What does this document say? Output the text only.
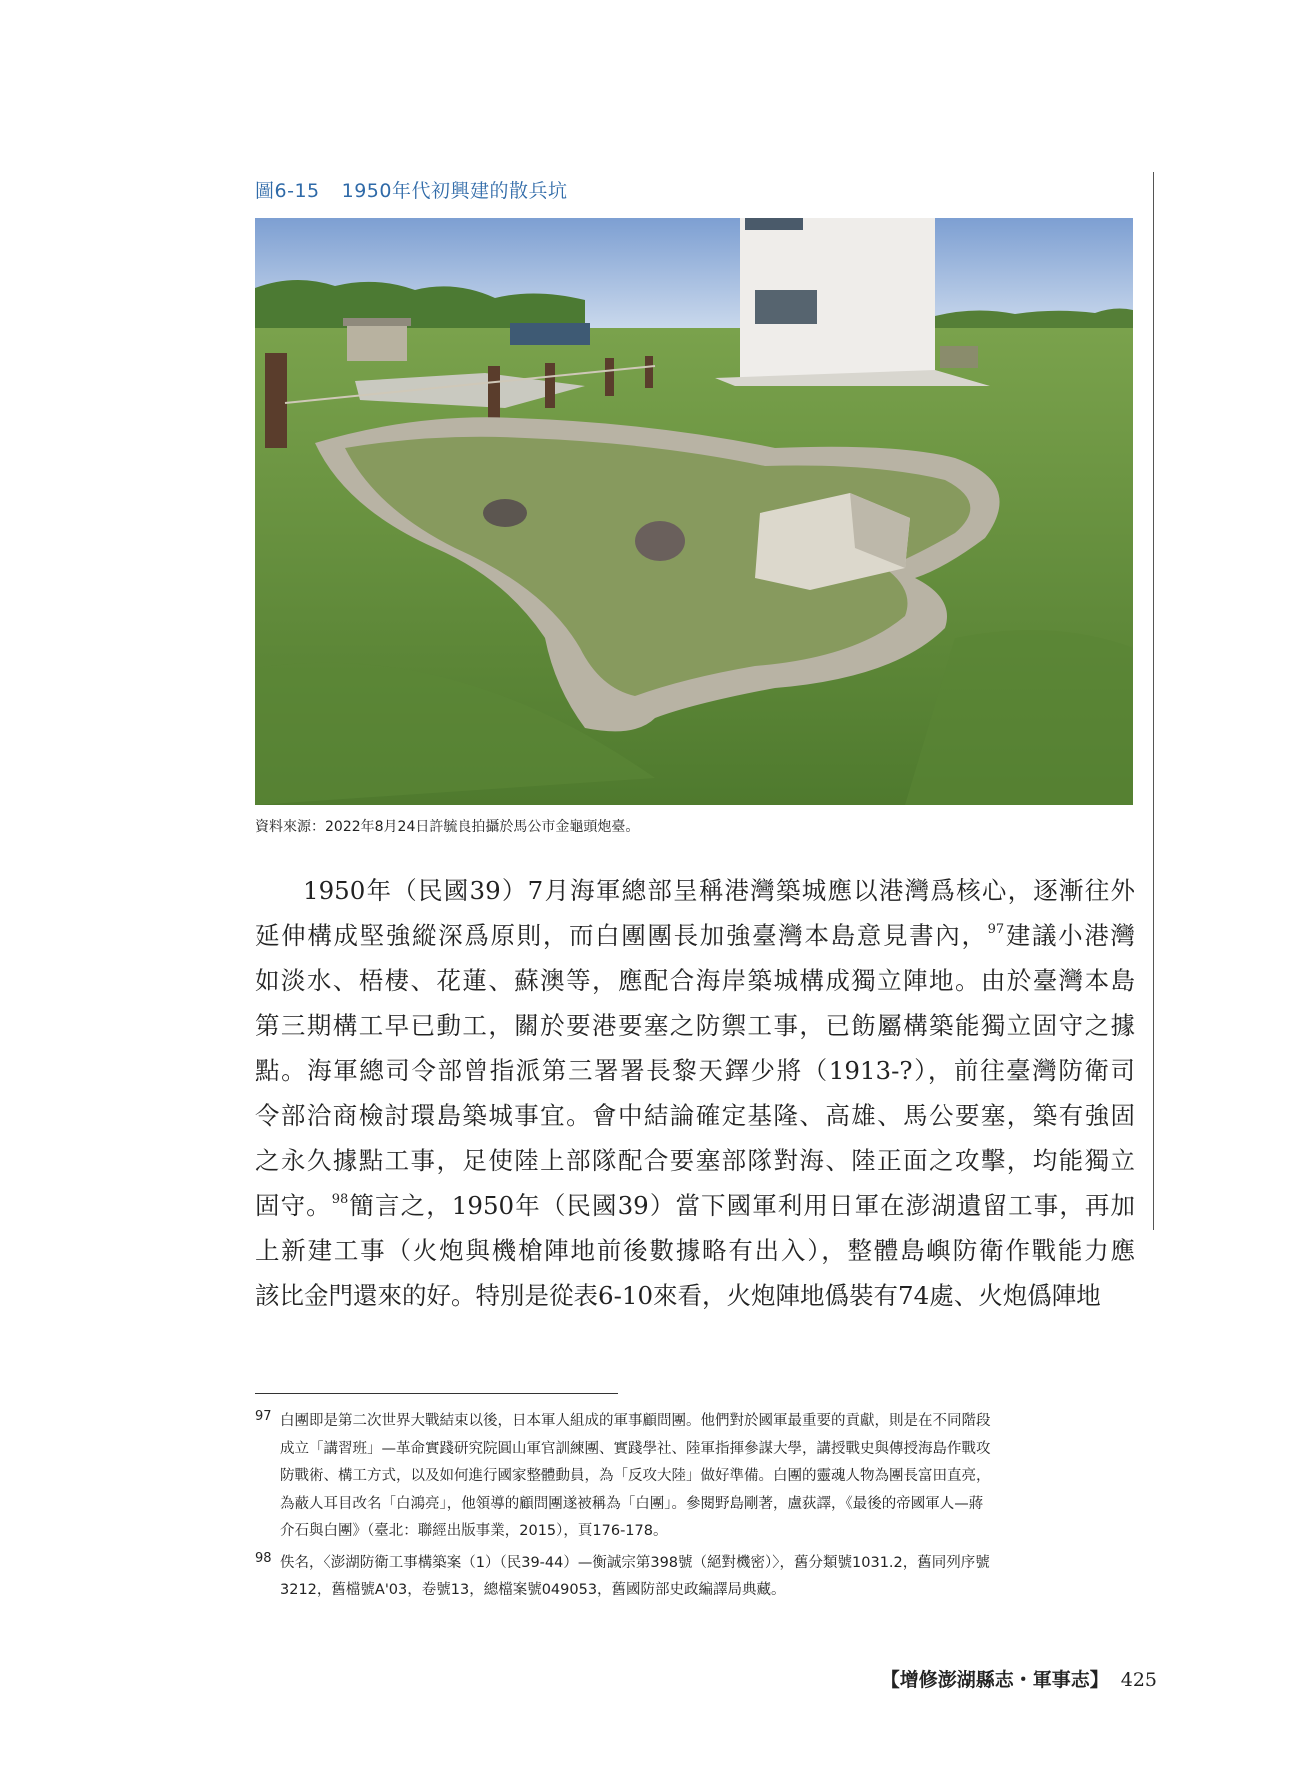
圖6-15 1950年代初興建的散兵坑
資料來源：2022年8月24日許毓良拍攝於馬公市金龜頭炮臺。
1950年（民國39）7月海軍總部呈稱港灣築城應以港灣爲核心，逐漸往外
延伸構成堅強縱深爲原則，而白團團長加強臺灣本島意見書內，$^{97}$建議小港灣
如淡水、梧棲、花蓮、蘇澳等，應配合海岸築城構成獨立陣地。由於臺灣本島
第三期構工早已動工，關於要港要塞之防禦工事，已飭屬構築能獨立固守之據
點。海軍總司令部曾指派第三署署長黎天鐸少將（1913-?），前往臺灣防衛司
令部洽商檢討環島築城事宜。會中結論確定基隆、高雄、馬公要塞，築有強固
之永久據點工事，足使陸上部隊配合要塞部隊對海、陸正面之攻擊，均能獨立
固守。$^{98}$簡言之，1950年（民國39）當下國軍利用日軍在澎湖遺留工事，再加
上新建工事（火炮與機槍陣地前後數據略有出入），整體島嶼防衛作戰能力應
該比金門還來的好。特別是從表6-10來看，火炮陣地僞裝有74處、火炮僞陣地
97 白團即是第二次世界大戰結束以後，日本軍人組成的軍事顧問團。他們對於國軍最重要的貢獻，則是在不同階段
成立「講習班」—革命實踐研究院圓山軍官訓練團、實踐學社、陸軍指揮參謀大學，講授戰史與傳授海島作戰攻
防戰術、構工方式，以及如何進行國家整體動員，為「反攻大陸」做好準備。白團的靈魂人物為團長富田直亮，
為蔽人耳目改名「白鴻亮」，他領導的顧問團遂被稱為「白團」。參閱野島剛著，盧荻譯，《最後的帝國軍人—蔣
介石與白團》（臺北：聯經出版事業，2015），頁176-178。
98 佚名，〈澎湖防衛工事構築案（1）（民39-44）—衡誠宗第398號（絕對機密）〉，舊分類號1031.2，舊同列序號
3212，舊檔號A'03，卷號13，總檔案號049053，舊國防部史政編譯局典藏。
【增修澎湖縣志・軍事志】 425
